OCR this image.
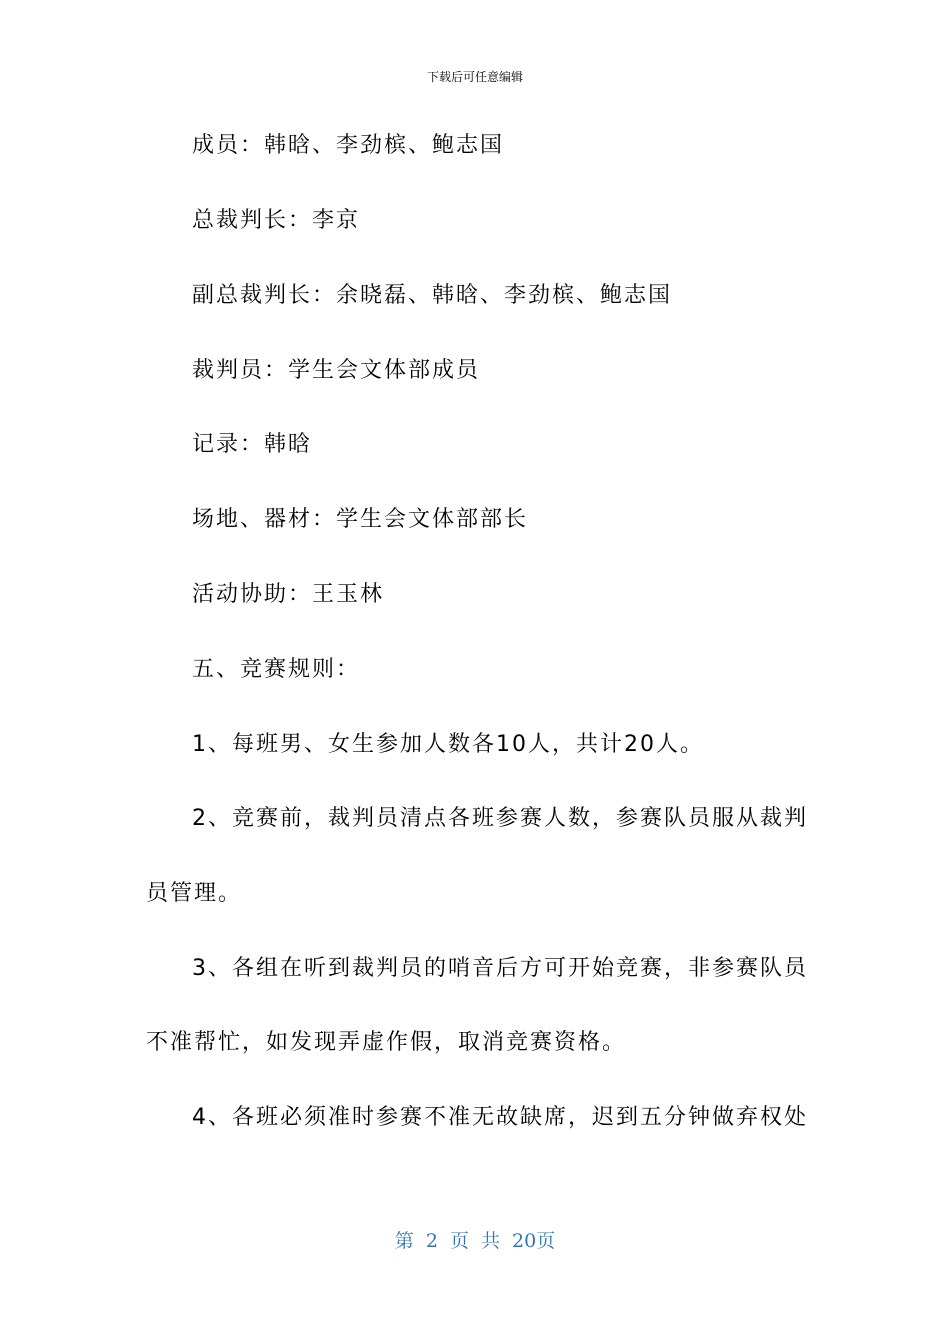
下载后可任意编辑
成员：韩晗、李劲槟、鲍志国
总裁判长：李京
副总裁判长：余晓磊、韩晗、李劲槟、鲍志国
裁判员：学生会文体部成员
记录：韩晗
场地、器材：学生会文体部部长
活动协助：王玉林
五、竞赛规则：
1、每班男、女生参加人数各10人，共计20人。
2、竞赛前，裁判员清点各班参赛人数，参赛队员服从裁判
员管理。
3、各组在听到裁判员的哨音后方可开始竞赛，非参赛队员
不准帮忙，如发现弄虚作假，取消竞赛资格。
4、各班必须准时参赛不准无故缺席，迟到五分钟做弃权处
第 2 页 共 20页
